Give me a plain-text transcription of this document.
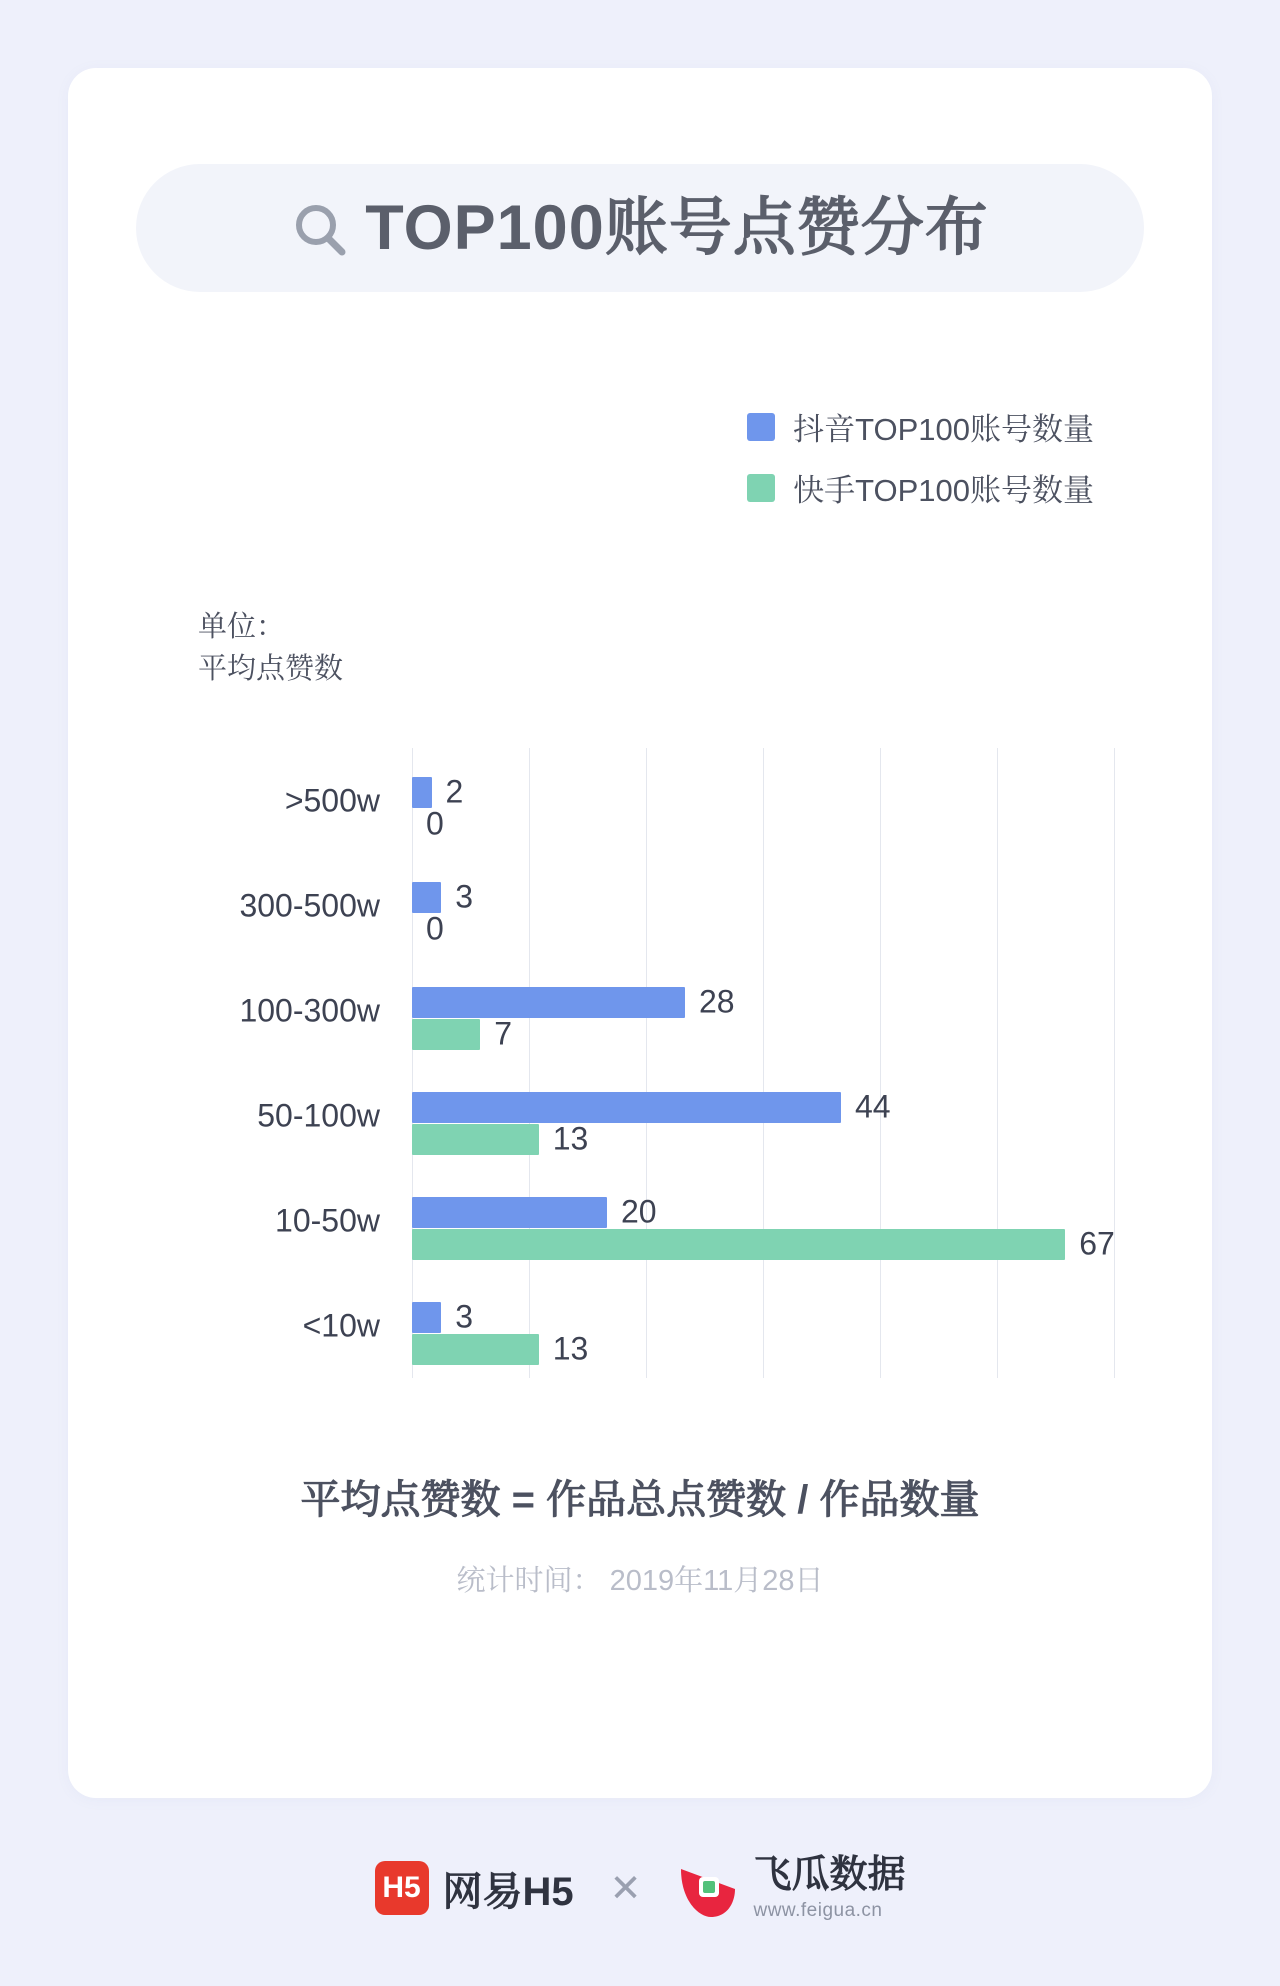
TOP100账号点赞分布
抖音TOP100账号数量
快手TOP100账号数量
单位：
平均点赞数
>500w
300-500w
100-300w
50-100w
10-50w
<10w
2
0
3
0
28
7
44
13
20
67
3
13
平均点赞数 = 作品总点赞数 / 作品数量
统计时间： 2019年11月28日
H5 网易H5 ✕	飞瓜数据
www.feigua.cn
